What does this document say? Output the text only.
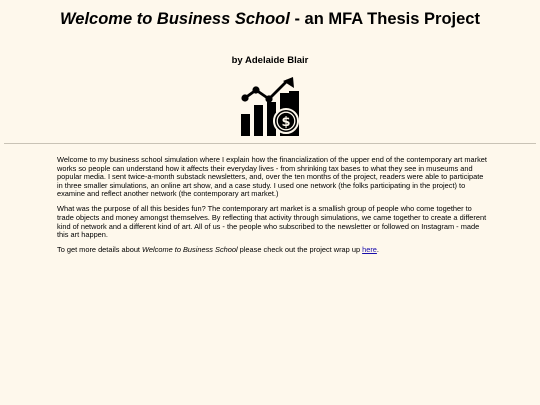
Welcome to Business School - an MFA Thesis Project

by Adelaide Blair

$

Welcome to my business school simulation where I explain how the financialization of the upper end of the contemporary art market works so people can understand how it affects their everyday lives - from shrinking tax bases to what they see in museums and popular media. I sent twice-a-month substack newsletters, and, over the ten months of the project, readers were able to participate in three smaller simulations, an online art show, and a case study. I used one network (the folks participating in the project) to examine and reflect another network (the contemporary art market.)

What was the purpose of all this besides fun? The contemporary art market is a smallish group of people who come together to trade objects and money amongst themselves. By reflecting that activity through simulations, we came together to create a different kind of network and a different kind of art. All of us - the people who subscribed to the newsletter or followed on Instagram - made this art happen.

To get more details about Welcome to Business School please check out the project wrap up here.
